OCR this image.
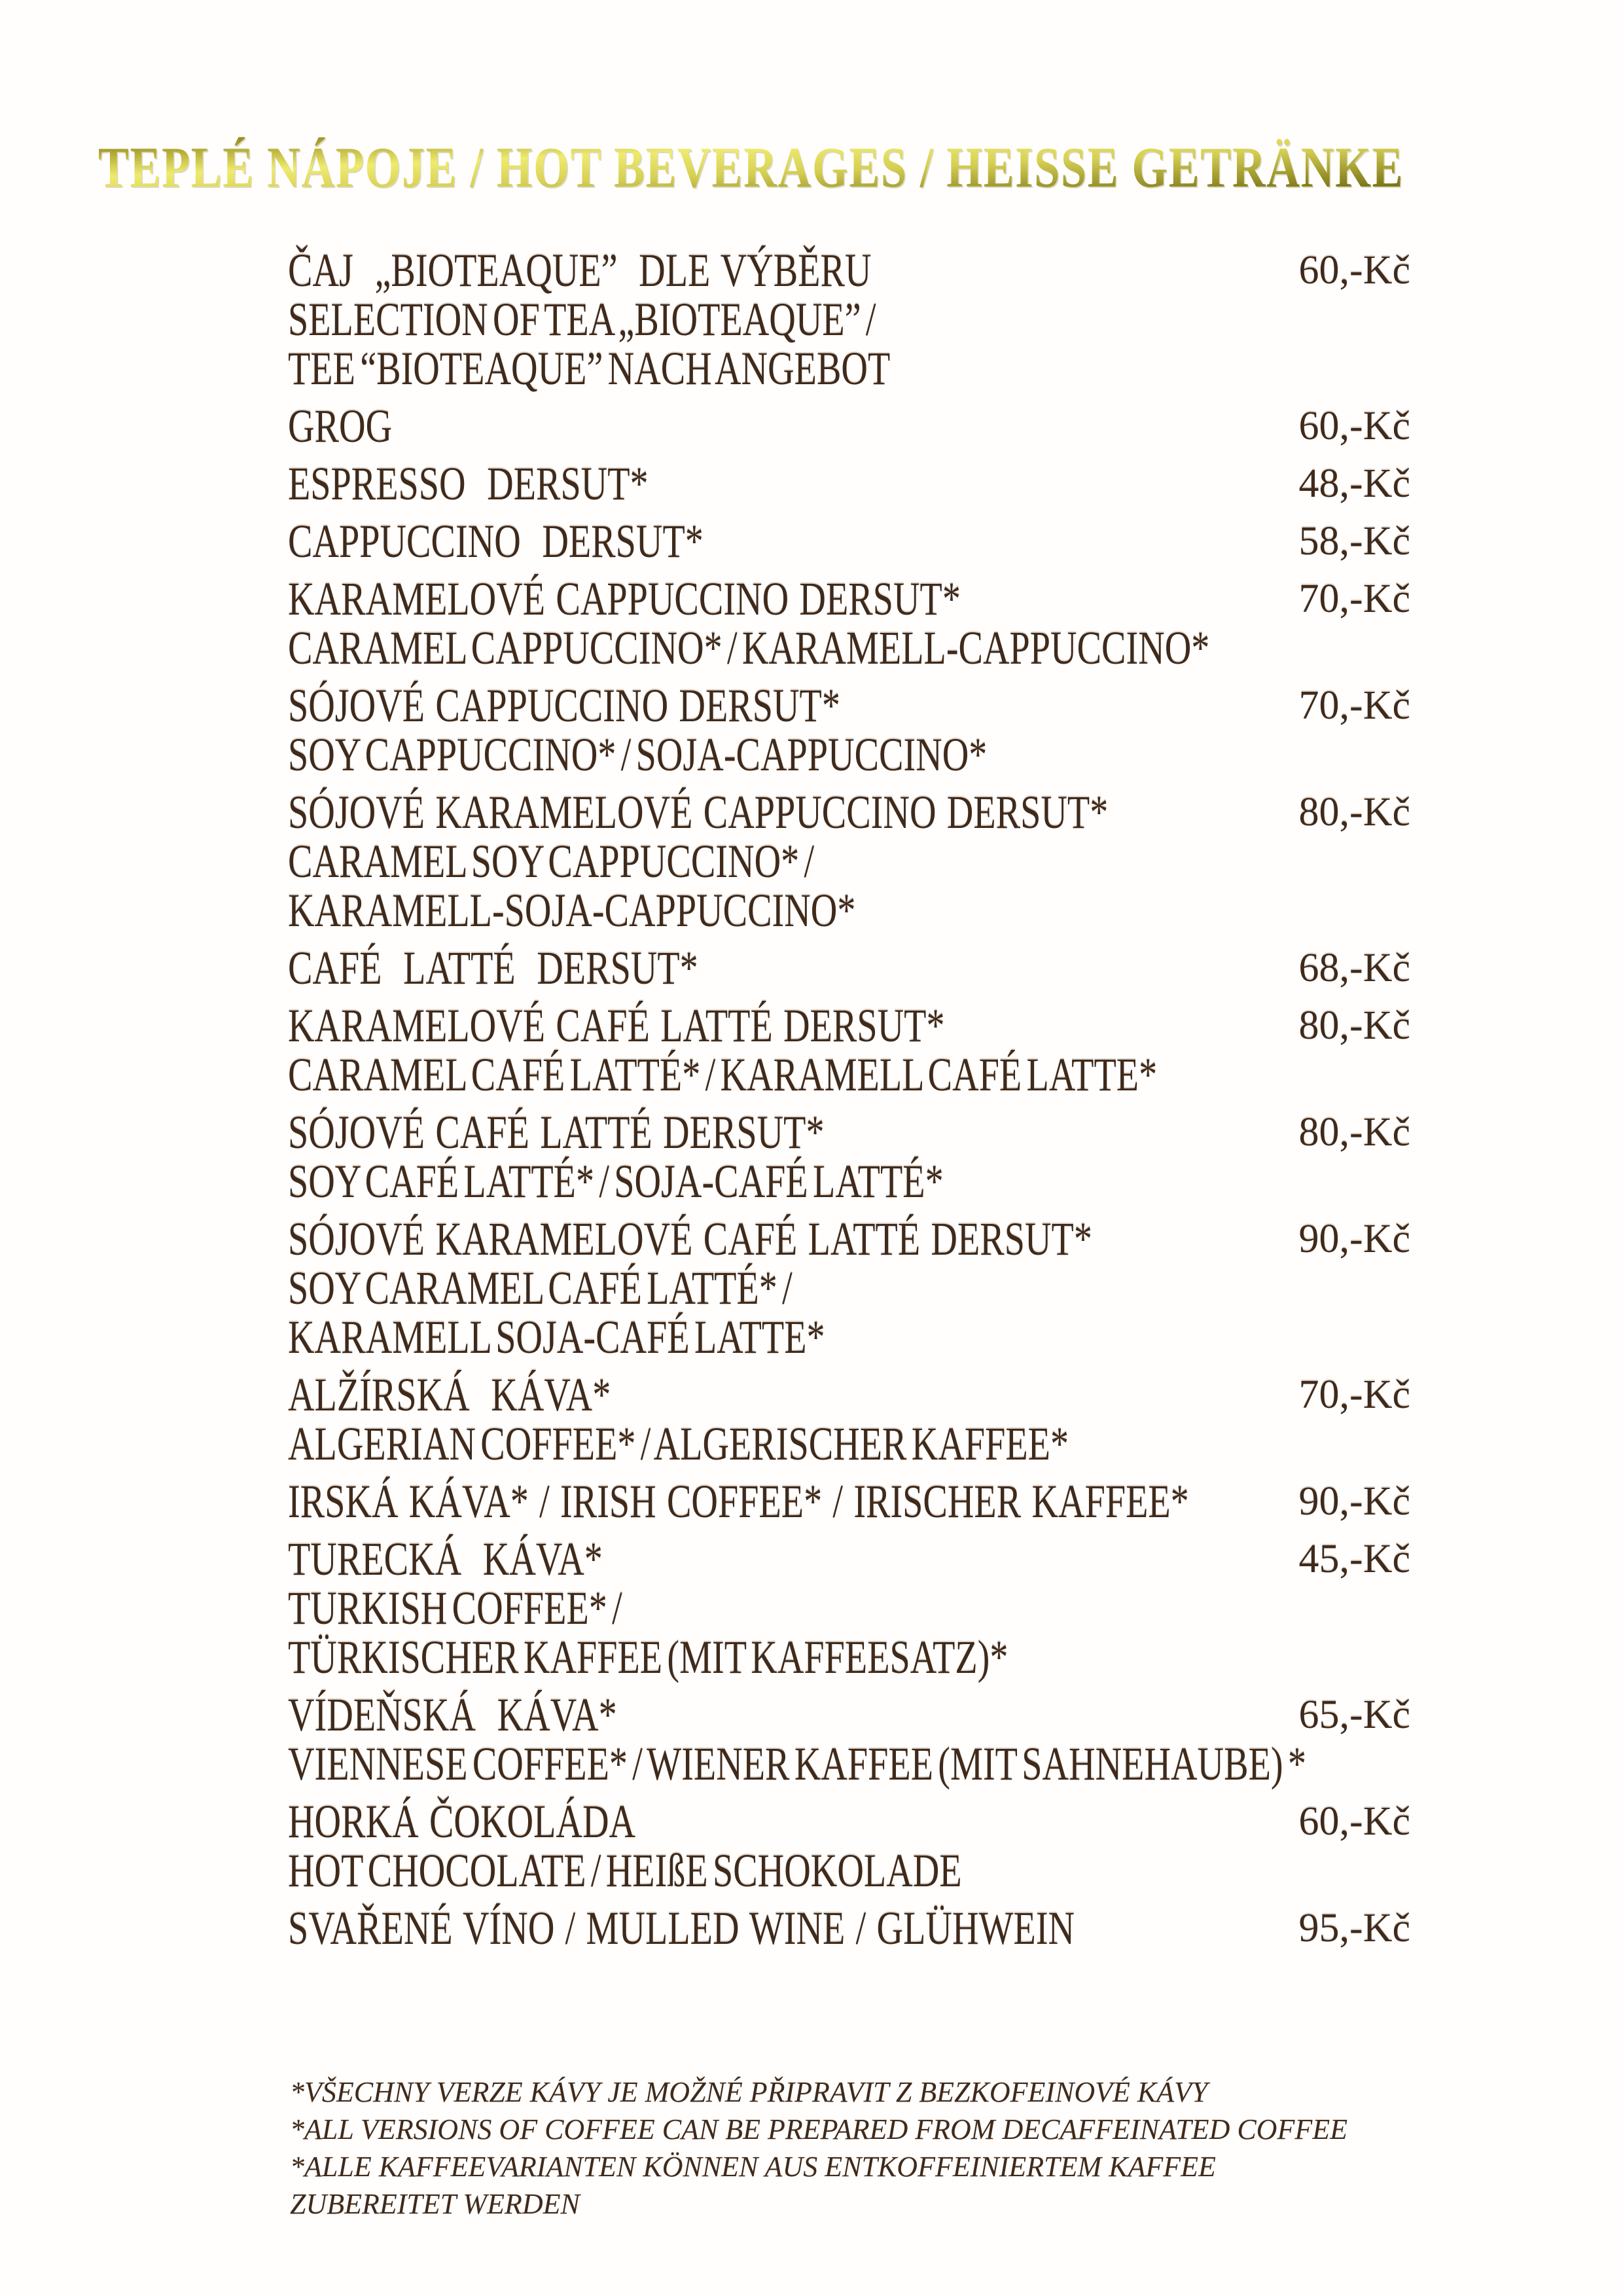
TEPLÉ NÁPOJE / HOT BEVERAGES / HEISSE GETRÄNKE
ČAJ  „BIOTEAQUE”  DLE VÝBĚRU	60,-Kč
SELECTION OF TEA „BIOTEAQUE” /
TEE “BIOTEAQUE” NACH ANGEBOT
GROG	60,-Kč
ESPRESSO  DERSUT*	48,-Kč
CAPPUCCINO  DERSUT*	58,-Kč
KARAMELOVÉ CAPPUCCINO DERSUT*	70,-Kč
CARAMEL CAPPUCCINO* / KARAMELL-CAPPUCCINO*
SÓJOVÉ CAPPUCCINO DERSUT*	70,-Kč
SOY CAPPUCCINO* / SOJA-CAPPUCCINO*
SÓJOVÉ KARAMELOVÉ CAPPUCCINO DERSUT*	80,-Kč
CARAMEL SOY CAPPUCCINO* /
KARAMELL-SOJA-CAPPUCCINO*
CAFÉ  LATTÉ  DERSUT*	68,-Kč
KARAMELOVÉ CAFÉ LATTÉ DERSUT*	80,-Kč
CARAMEL CAFÉ LATTÉ* / KARAMELL CAFÉ LATTE*
SÓJOVÉ CAFÉ LATTÉ DERSUT*	80,-Kč
SOY CAFÉ LATTÉ* / SOJA-CAFÉ LATTÉ*
SÓJOVÉ KARAMELOVÉ CAFÉ LATTÉ DERSUT*	90,-Kč
SOY CARAMEL CAFÉ LATTÉ* /
KARAMELL SOJA-CAFÉ LATTE*
ALŽÍRSKÁ  KÁVA*	70,-Kč
ALGERIAN COFFEE* / ALGERISCHER KAFFEE*
IRSKÁ KÁVA* / IRISH COFFEE* / IRISCHER KAFFEE*	90,-Kč
TURECKÁ  KÁVA*	45,-Kč
TURKISH COFFEE* /
TÜRKISCHER KAFFEE (MIT KAFFEESATZ)*
VÍDEŇSKÁ  KÁVA*	65,-Kč
VIENNESE COFFEE* / WIENER KAFFEE (MIT SAHNEHAUBE) *
HORKÁ ČOKOLÁDA	60,-Kč
HOT CHOCOLATE / HEIßE SCHOKOLADE
SVAŘENÉ VÍNO / MULLED WINE / GLÜHWEIN	95,-Kč
*VŠECHNY VERZE KÁVY JE MOŽNÉ PŘIPRAVIT Z BEZKOFEINOVÉ KÁVY
*ALL VERSIONS OF COFFEE CAN BE PREPARED FROM DECAFFEINATED COFFEE
*ALLE KAFFEEVARIANTEN KÖNNEN AUS ENTKOFFEINIERTEM KAFFEE
ZUBEREITET WERDEN
